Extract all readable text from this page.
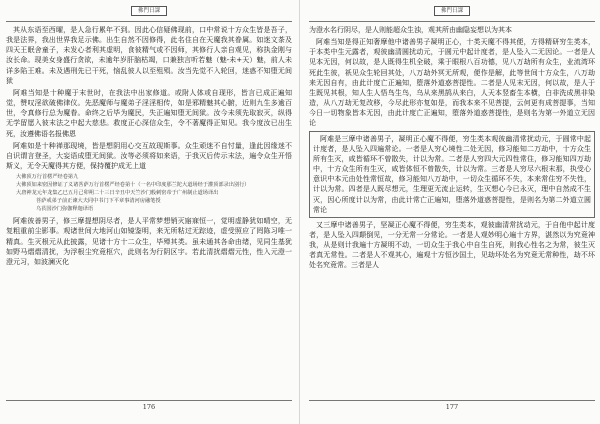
佛門日課

其从东语至西曜，是人急行累年不到。因此心信疑佛现前，口中常说十方众生皆是吾子，我是法界，我出世界我足示佛。出生自然不因修得，此名住自在天魔我其眷属。如迷文茶及四天王眠舍童子，未发心者利其虚明，食彼精气或不因师，其修行人亲自观见，称执金刚与汝长命。现美女身盛行贪欲，未逾年岁肝脑枯竭，口兼独言听若魅（魅-未+天）魅，前人未详多陷王难。未及遇刑先已干死，恼乱彼人以至殂殒。汝当先觉不入轮回，迷惑不知堕无间狱

阿难当知是十种魔于末世时，在我法中出家修道。或附人体或自现形，皆言已成正遍知觉，赞叹淫欲破佛律仪。先恶魔师与魔弟子淫淫相传，如是邪精魅其心腑，近则九生多逾百世，令真修行总为魔眷。命终之后毕为魔民，失正遍知堕无间狱。汝今未须先取寂灭，纵得无学留愿入彼末法之中起大慈悲。救度正心深信众生，令不著魔得正知见。我今度汝已出生死，汝遵佛语名报佛恩

阿难如是十种禅那现境，皆是想阴用心交互故现斯事。众生顽迷不自忖量，逢此因缘迷不自识谓言登圣，大妄语成堕无间狱。汝等必须将如来语，于我灭后传示末法，遍令众生开悟斯义，无令天魔得其方便，保持覆护成无上道

大佛顶万行首楞严经卷第九

大佛顶如来密因修证了义诸菩萨万行首楞严经卷第十（一名中印度那兰陀大道场经于灌顶部录出别行）

大唐神龙元年龙集乙巳五月己卯朔二十三日辛丑中天竺沙门般刺密帝于广州制止道场译出

菩萨戒弟子前正谏大夫同中书门下平章事清河房融笔授

乌苌国沙门弥伽释迦译语

阿难彼善男子，修三摩提想阴尽者，是人平常梦想销灭寤寐恒一，觉明虚静犹如晴空，无复粗重前尘影事。观诸世间大地河山如镜鉴明，来无所粘过无踪迹，虚受照应了罔陈习唯一精真。生灭根元从此披露，见诸十方十二众生，毕殚其类。虽未通其各命由绪，见同生基犹如野马熠熠清扰，为浮根尘究竟枢穴，此则名为行阴区宇。若此清扰熠熠元性，性入元澄一澄元习，如波澜灭化

176
佛門日課

为澄水名行阴尽，是人则能超众生浊，观其所由幽隐妄想以为其本

阿难当知是得正知奢摩他中诸善男子凝明正心，十类天魔不得其便，方得精研穷生类本，于本类中生元露者，观彼幽清圆扰动元，于圆元中起计度者，是人坠入二无因论。一者是人见本无因，何以故，是人既得生机全破，乘于眼根八百功德，见八万劫所有众生，业流湾环死此生彼，祇见众生轮回其处，八万劫外冥无所观，便作是解，此等世间十方众生，八万劫来无因自有，由此计度亡正遍知，堕落外道惑菩提性。二者是人见末无因，何以故，是人于生既见其根，知人生人悟鸟生鸟，乌从来黑鹄从来白，人天本竖畜生本横，白非洗成黑非染造，从八万劫无复改移，今尽此形亦复如是，而我本来不见菩提，云何更有成菩提事，当知今日一切物象皆本无因，由此计度亡正遍知，堕落外道惑菩提性，是则名为第一外道立无因论

阿难是三摩中诸善男子，凝明正心魔不得便，穷生类本观彼幽清常扰动元，于圆常中起计度者，是人坠入四遍常论。一者是人穷心境性二处无因，修习能知二万劫中，十方众生所有生灭，咸皆循环不曾散失，计以为常。二者是人穷四大元四性常住，修习能知四万劫中，十方众生所有生灭，咸皆体恒不曾散失，计以为常。三者是人穷尽六根末那，执受心意识中本元由处性常恒故，修习能知八万劫中，一切众生循环不失，本来常住穷不失性，计以为常。四者是人既尽想元，生理更无流止运转，生灭想心今已永灭，理中自然成不生灭，因心所度计以为常，由此计常亡正遍知，堕落外道惑菩提性，是则名为第二外道立圆常论

又三摩中诸善男子，坚凝正心魔不得便，穷生类本，观彼幽清常扰动元，于自他中起计度者，是人坠入四颠倒见，一分无常一分常论。一者是人观妙明心遍十方界，湛然以为究竟神我，从是则计我遍十方凝明不动，一切众生于我心中自生自死，则我心性名之为常，彼生灭者真无常性。二者是人不观其心，遍观十方恒沙国土，见劫坏处名为究竟无常种性，劫不坏处名究竟常。三者是人

177
